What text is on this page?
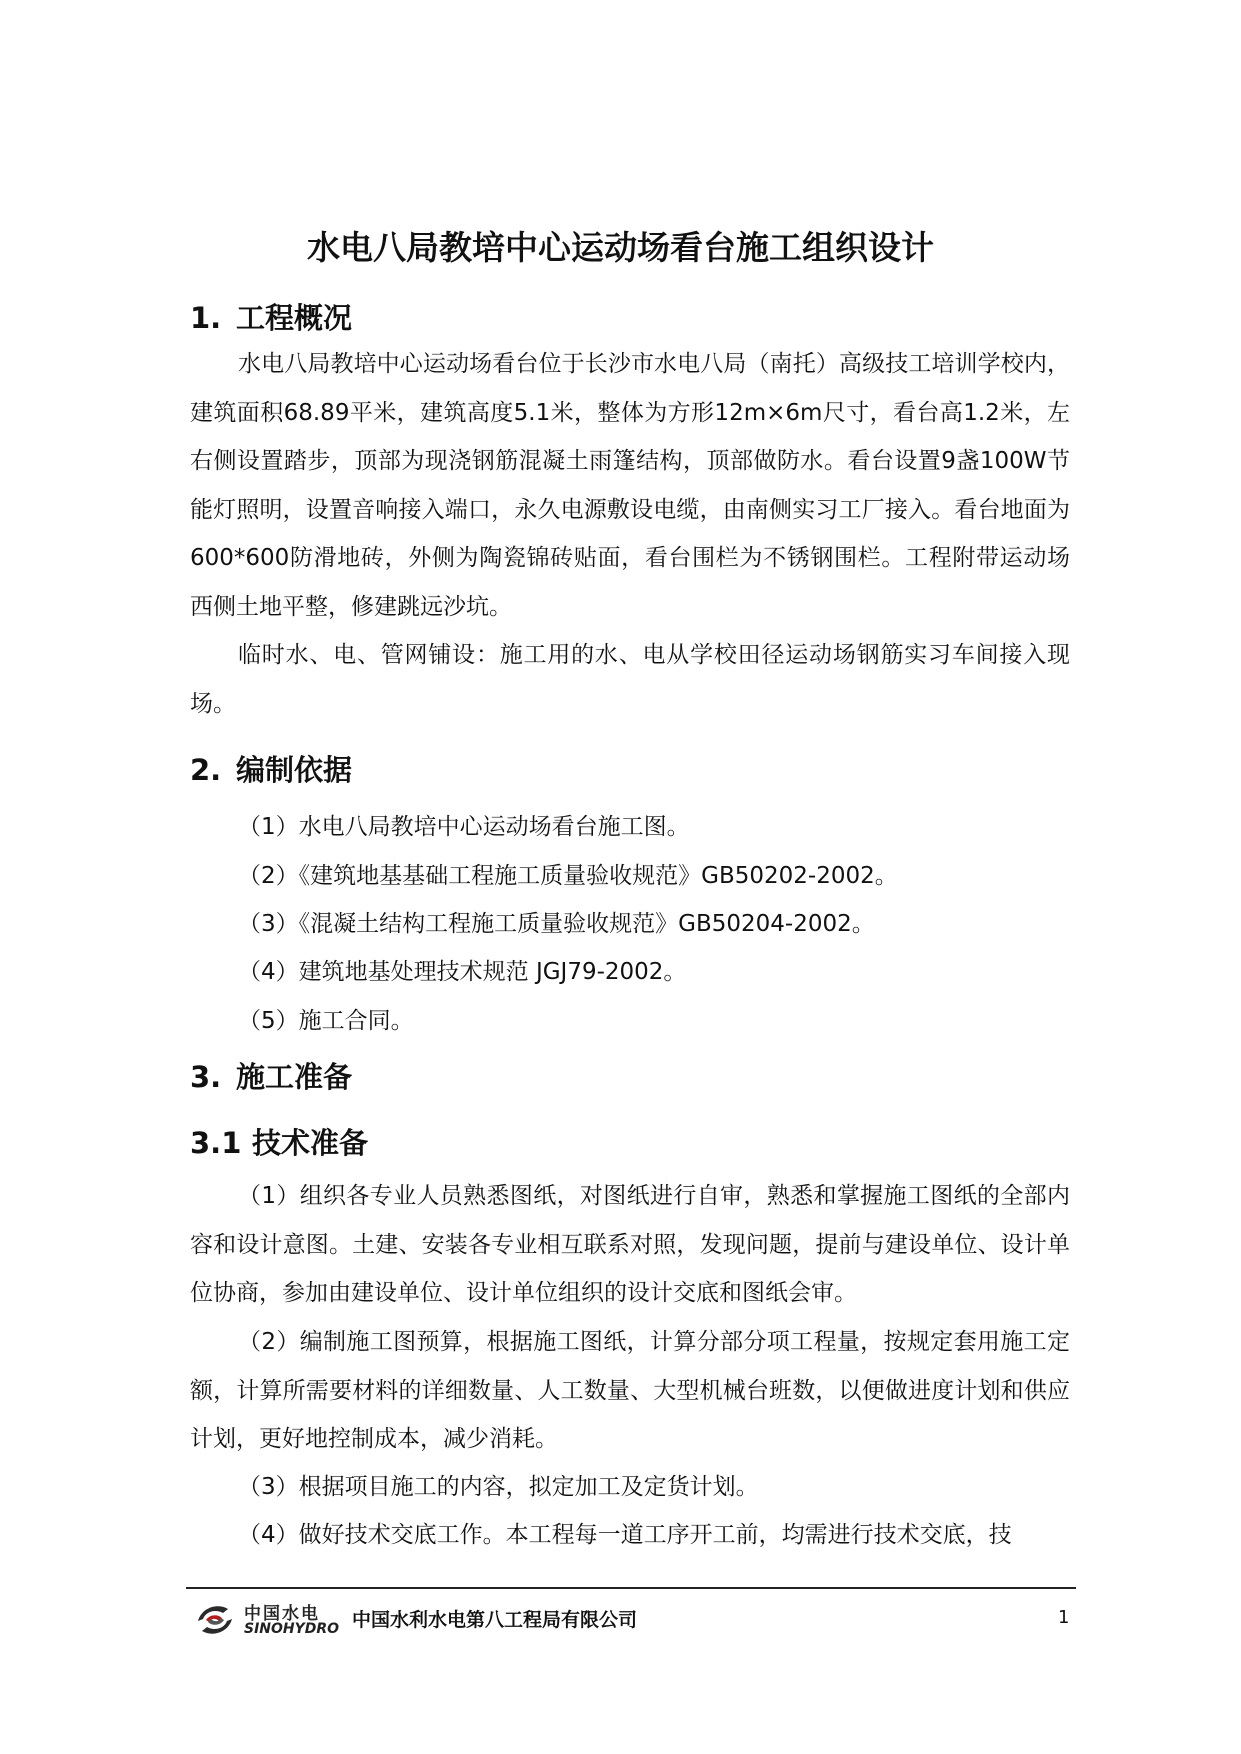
水电八局教培中心运动场看台施工组织设计
1. 工程概况

水电八局教培中心运动场看台位于长沙市水电八局（南托）高级技工培训学校内，建筑面积68.89平米，建筑高度5.1米，整体为方形12m×6m尺寸，看台高1.2米，左右侧设置踏步，顶部为现浇钢筋混凝土雨篷结构，顶部做防水。看台设置9盏100W节能灯照明，设置音响接入端口，永久电源敷设电缆，由南侧实习工厂接入。看台地面为600*600防滑地砖，外侧为陶瓷锦砖贴面，看台围栏为不锈钢围栏。工程附带运动场西侧土地平整，修建跳远沙坑。

临时水、电、管网铺设：施工用的水、电从学校田径运动场钢筋实习车间接入现场。

2. 编制依据
（1）水电八局教培中心运动场看台施工图。
（2）《建筑地基基础工程施工质量验收规范》GB50202-2002。
（3）《混凝土结构工程施工质量验收规范》GB50204-2002。
（4）建筑地基处理技术规范 JGJ79-2002。
（5）施工合同。
3. 施工准备
3.1 技术准备

（1）组织各专业人员熟悉图纸，对图纸进行自审，熟悉和掌握施工图纸的全部内容和设计意图。土建、安装各专业相互联系对照，发现问题，提前与建设单位、设计单位协商，参加由建设单位、设计单位组织的设计交底和图纸会审。

（2）编制施工图预算，根据施工图纸，计算分部分项工程量，按规定套用施工定额，计算所需要材料的详细数量、人工数量、大型机械台班数，以便做进度计划和供应计划，更好地控制成本，减少消耗。

（3）根据项目施工的内容，拟定加工及定货计划。

（4）做好技术交底工作。本工程每一道工序开工前，均需进行技术交底，技

中国水电
SINOHYDRO 中国水利水电第八工程局有限公司	1
